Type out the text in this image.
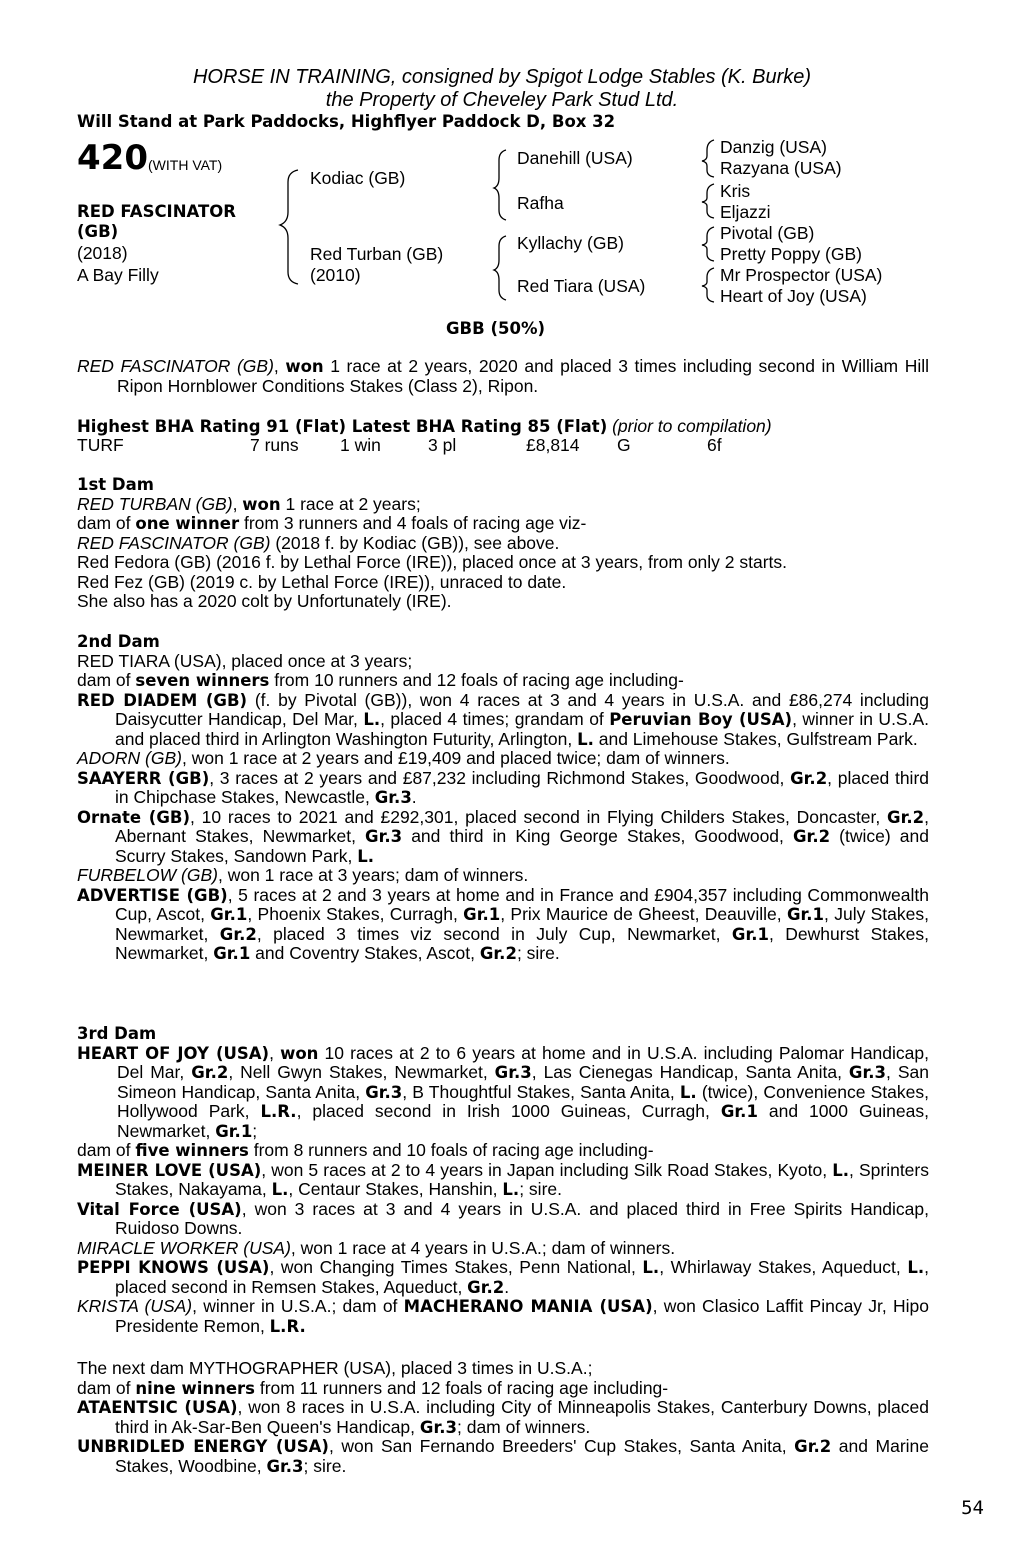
HORSE IN TRAINING, consigned by Spigot Lodge Stables (K. Burke)
the Property of Cheveley Park Stud Ltd.
Will Stand at Park Paddocks, Highflyer Paddock D, Box 32
420 (WITH VAT)
RED FASCINATOR
(GB)
(2018)
A Bay Filly
Kodiac (GB)
Red Turban (GB)
(2010)
Danehill (USA)
Rafha
Kyllachy (GB)
Red Tiara (USA)
Danzig (USA)
Razyana (USA)
Kris
Eljazzi
Pivotal (GB)
Pretty Poppy (GB)
Mr Prospector (USA)
Heart of Joy (USA)
GBB (50%)

RED FASCINATOR (GB), won 1 race at 2 years, 2020 and placed 3 times including second in William Hill Ripon Hornblower Conditions Stakes (Class 2), Ripon.

Highest BHA Rating 91 (Flat) Latest BHA Rating 85 (Flat) (prior to compilation)
TURF	7 runs 1 win	3 pl	£8,814 G	6f

1st Dam

RED TURBAN (GB), won 1 race at 2 years;

dam of one winner from 3 runners and 4 foals of racing age viz-

RED FASCINATOR (GB) (2018 f. by Kodiac (GB)), see above.

Red Fedora (GB) (2016 f. by Lethal Force (IRE)), placed once at 3 years, from only 2 starts.

Red Fez (GB) (2019 c. by Lethal Force (IRE)), unraced to date.

She also has a 2020 colt by Unfortunately (IRE).

2nd Dam

RED TIARA (USA), placed once at 3 years;

dam of seven winners from 10 runners and 12 foals of racing age including-

RED DIADEM (GB) (f. by Pivotal (GB)), won 4 races at 3 and 4 years in U.S.A. and £86,274 including Daisycutter Handicap, Del Mar, L., placed 4 times; grandam of Peruvian Boy (USA), winner in U.S.A. and placed third in Arlington Washington Futurity, Arlington, L. and Limehouse Stakes, Gulfstream Park.

ADORN (GB), won 1 race at 2 years and £19,409 and placed twice; dam of winners.

SAAYERR (GB), 3 races at 2 years and £87,232 including Richmond Stakes, Goodwood, Gr.2, placed third in Chipchase Stakes, Newcastle, Gr.3.

Ornate (GB), 10 races to 2021 and £292,301, placed second in Flying Childers Stakes, Doncaster, Gr.2, Abernant Stakes, Newmarket, Gr.3 and third in King George Stakes, Goodwood, Gr.2 (twice) and Scurry Stakes, Sandown Park, L.

FURBELOW (GB), won 1 race at 3 years; dam of winners.

ADVERTISE (GB), 5 races at 2 and 3 years at home and in France and £904,357 including Commonwealth Cup, Ascot, Gr.1, Phoenix Stakes, Curragh, Gr.1, Prix Maurice de Gheest, Deauville, Gr.1, July Stakes, Newmarket, Gr.2, placed 3 times viz second in July Cup, Newmarket, Gr.1, Dewhurst Stakes, Newmarket, Gr.1 and Coventry Stakes, Ascot, Gr.2; sire.

3rd Dam

HEART OF JOY (USA), won 10 races at 2 to 6 years at home and in U.S.A. including Palomar Handicap, Del Mar, Gr.2, Nell Gwyn Stakes, Newmarket, Gr.3, Las Cienegas Handicap, Santa Anita, Gr.3, San Simeon Handicap, Santa Anita, Gr.3, B Thoughtful Stakes, Santa Anita, L. (twice), Convenience Stakes, Hollywood Park, L.R., placed second in Irish 1000 Guineas, Curragh, Gr.1 and 1000 Guineas, Newmarket, Gr.1;

dam of five winners from 8 runners and 10 foals of racing age including-

MEINER LOVE (USA), won 5 races at 2 to 4 years in Japan including Silk Road Stakes, Kyoto, L., Sprinters Stakes, Nakayama, L., Centaur Stakes, Hanshin, L.; sire.

Vital Force (USA), won 3 races at 3 and 4 years in U.S.A. and placed third in Free Spirits Handicap, Ruidoso Downs.

MIRACLE WORKER (USA), won 1 race at 4 years in U.S.A.; dam of winners.

PEPPI KNOWS (USA), won Changing Times Stakes, Penn National, L., Whirlaway Stakes, Aqueduct, L., placed second in Remsen Stakes, Aqueduct, Gr.2.

KRISTA (USA), winner in U.S.A.; dam of MACHERANO MANIA (USA), won Clasico Laffit Pincay Jr, Hipo Presidente Remon, L.R.

The next dam MYTHOGRAPHER (USA), placed 3 times in U.S.A.;

dam of nine winners from 11 runners and 12 foals of racing age including-

ATAENTSIC (USA), won 8 races in U.S.A. including City of Minneapolis Stakes, Canterbury Downs, placed third in Ak-Sar-Ben Queen's Handicap, Gr.3; dam of winners.

UNBRIDLED ENERGY (USA), won San Fernando Breeders' Cup Stakes, Santa Anita, Gr.2 and Marine Stakes, Woodbine, Gr.3; sire.

54
